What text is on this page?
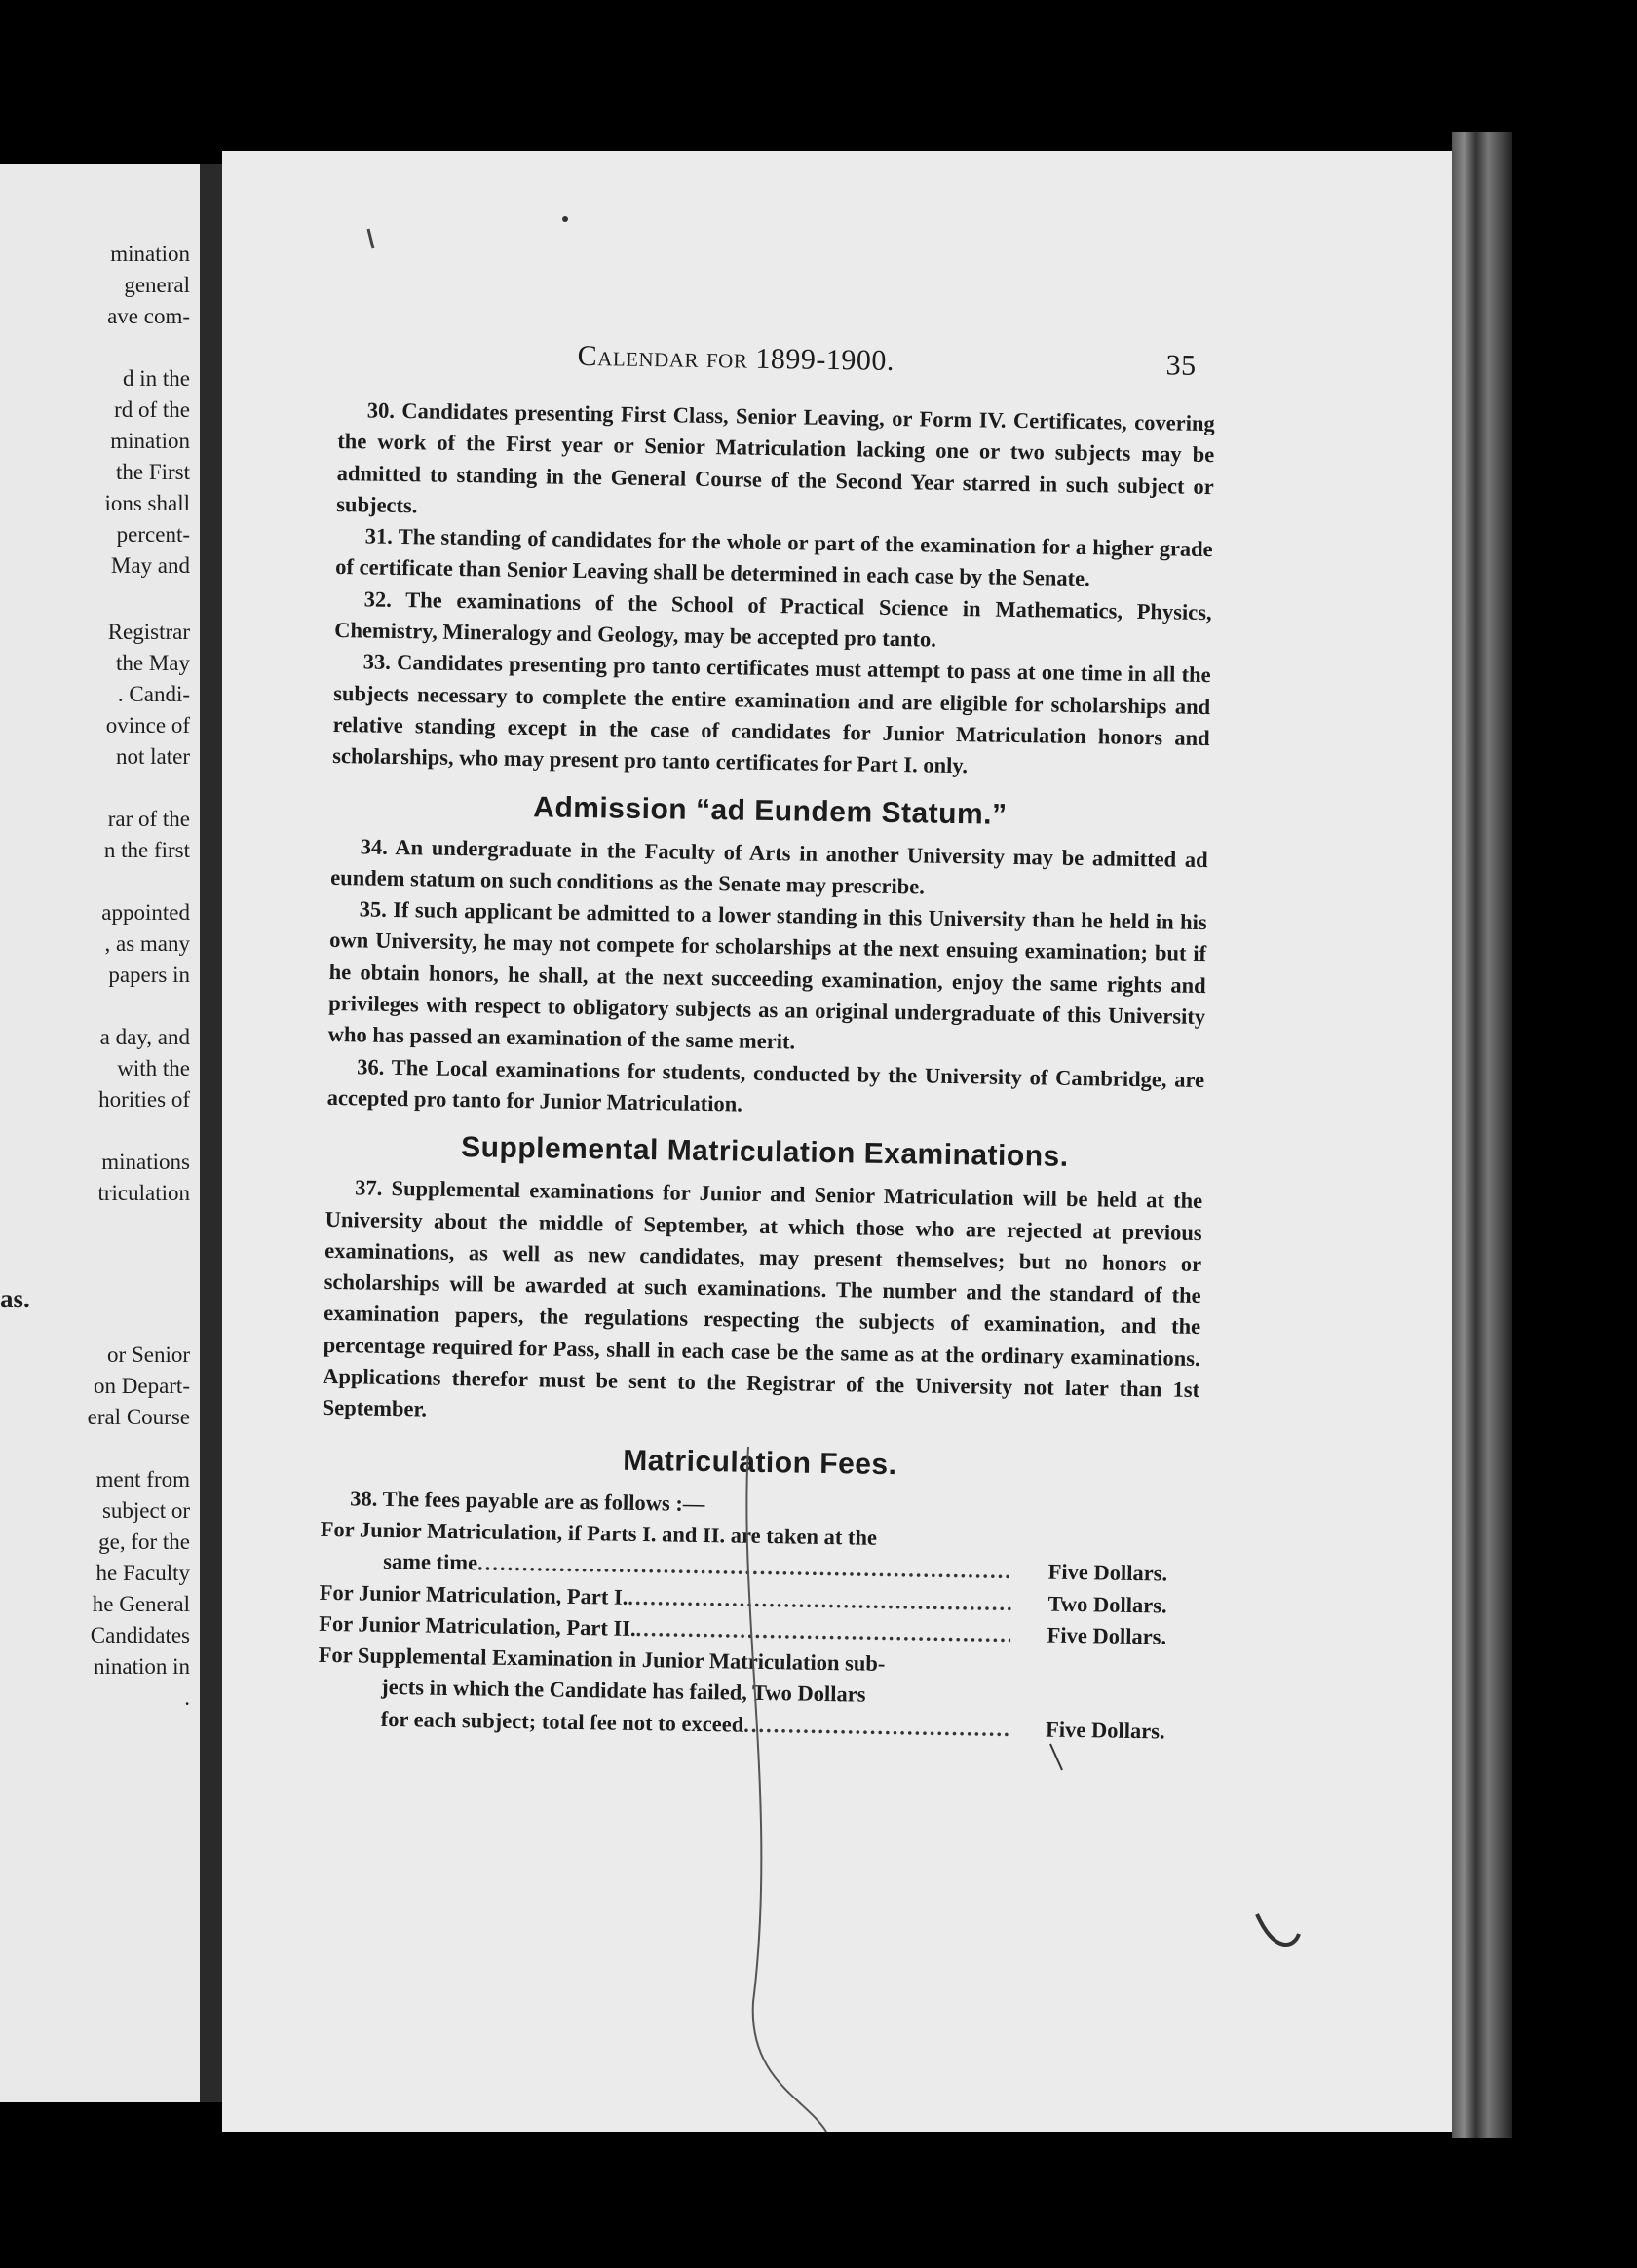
mination
general
ave com-
d in the
rd of the
mination
the First
ions shall
percent-
May and
Registrar
the May
. Candi-
ovince of
not later
rar of the
n the first
appointed
, as many
papers in
a day, and
with the
horities of
minations
triculation
as.
or Senior
on Depart-
eral Course
ment from
subject or
ge, for the
he Faculty
he General
Candidates
nination in
.
Calendar for 1899-1900.	35

30. Candidates presenting First Class, Senior Leaving, or Form IV. Certificates, covering the work of the First year or Senior Matriculation lacking one or two subjects may be admitted to standing in the General Course of the Second Year starred in such subject or subjects.

31. The standing of candidates for the whole or part of the examination for a higher grade of certificate than Senior Leaving shall be determined in each case by the Senate.

32. The examinations of the School of Practical Science in Mathematics, Physics, Chemistry, Mineralogy and Geology, may be accepted pro tanto.

33. Candidates presenting pro tanto certificates must attempt to pass at one time in all the subjects necessary to complete the entire examination and are eligible for scholarships and relative standing except in the case of candidates for Junior Matriculation honors and scholarships, who may present pro tanto certificates for Part I. only.

Admission “ad Eundem Statum.”

34. An undergraduate in the Faculty of Arts in another University may be admitted ad eundem statum on such conditions as the Senate may prescribe.

35. If such applicant be admitted to a lower standing in this University than he held in his own University, he may not compete for scholarships at the next ensuing examination; but if he obtain honors, he shall, at the next succeeding examination, enjoy the same rights and privileges with respect to obligatory subjects as an original undergraduate of this University who has passed an examination of the same merit.

36. The Local examinations for students, conducted by the University of Cambridge, are accepted pro tanto for Junior Matriculation.

Supplemental Matriculation Examinations.

37. Supplemental examinations for Junior and Senior Matriculation will be held at the University about the middle of September, at which those who are rejected at previous examinations, as well as new candidates, may present themselves; but no honors or scholarships will be awarded at such examinations. The number and the standard of the examination papers, the regulations respecting the subjects of examination, and the percentage required for Pass, shall in each case be the same as at the ordinary examinations. Applications therefor must be sent to the Registrar of the University not later than 1st September.

Matriculation Fees.
38. The fees payable are as follows :—
For Junior Matriculation, if Parts I. and II. are taken at the
same time .....	Five Dollars.
For Junior Matriculation, Part I. .....	Two Dollars.
For Junior Matriculation, Part II. .....	Five Dollars.
For Supplemental Examination in Junior Matriculation sub-
jects in which the Candidate has failed, Two Dollars
for each subject; total fee not to exceed .....	Five Dollars.
